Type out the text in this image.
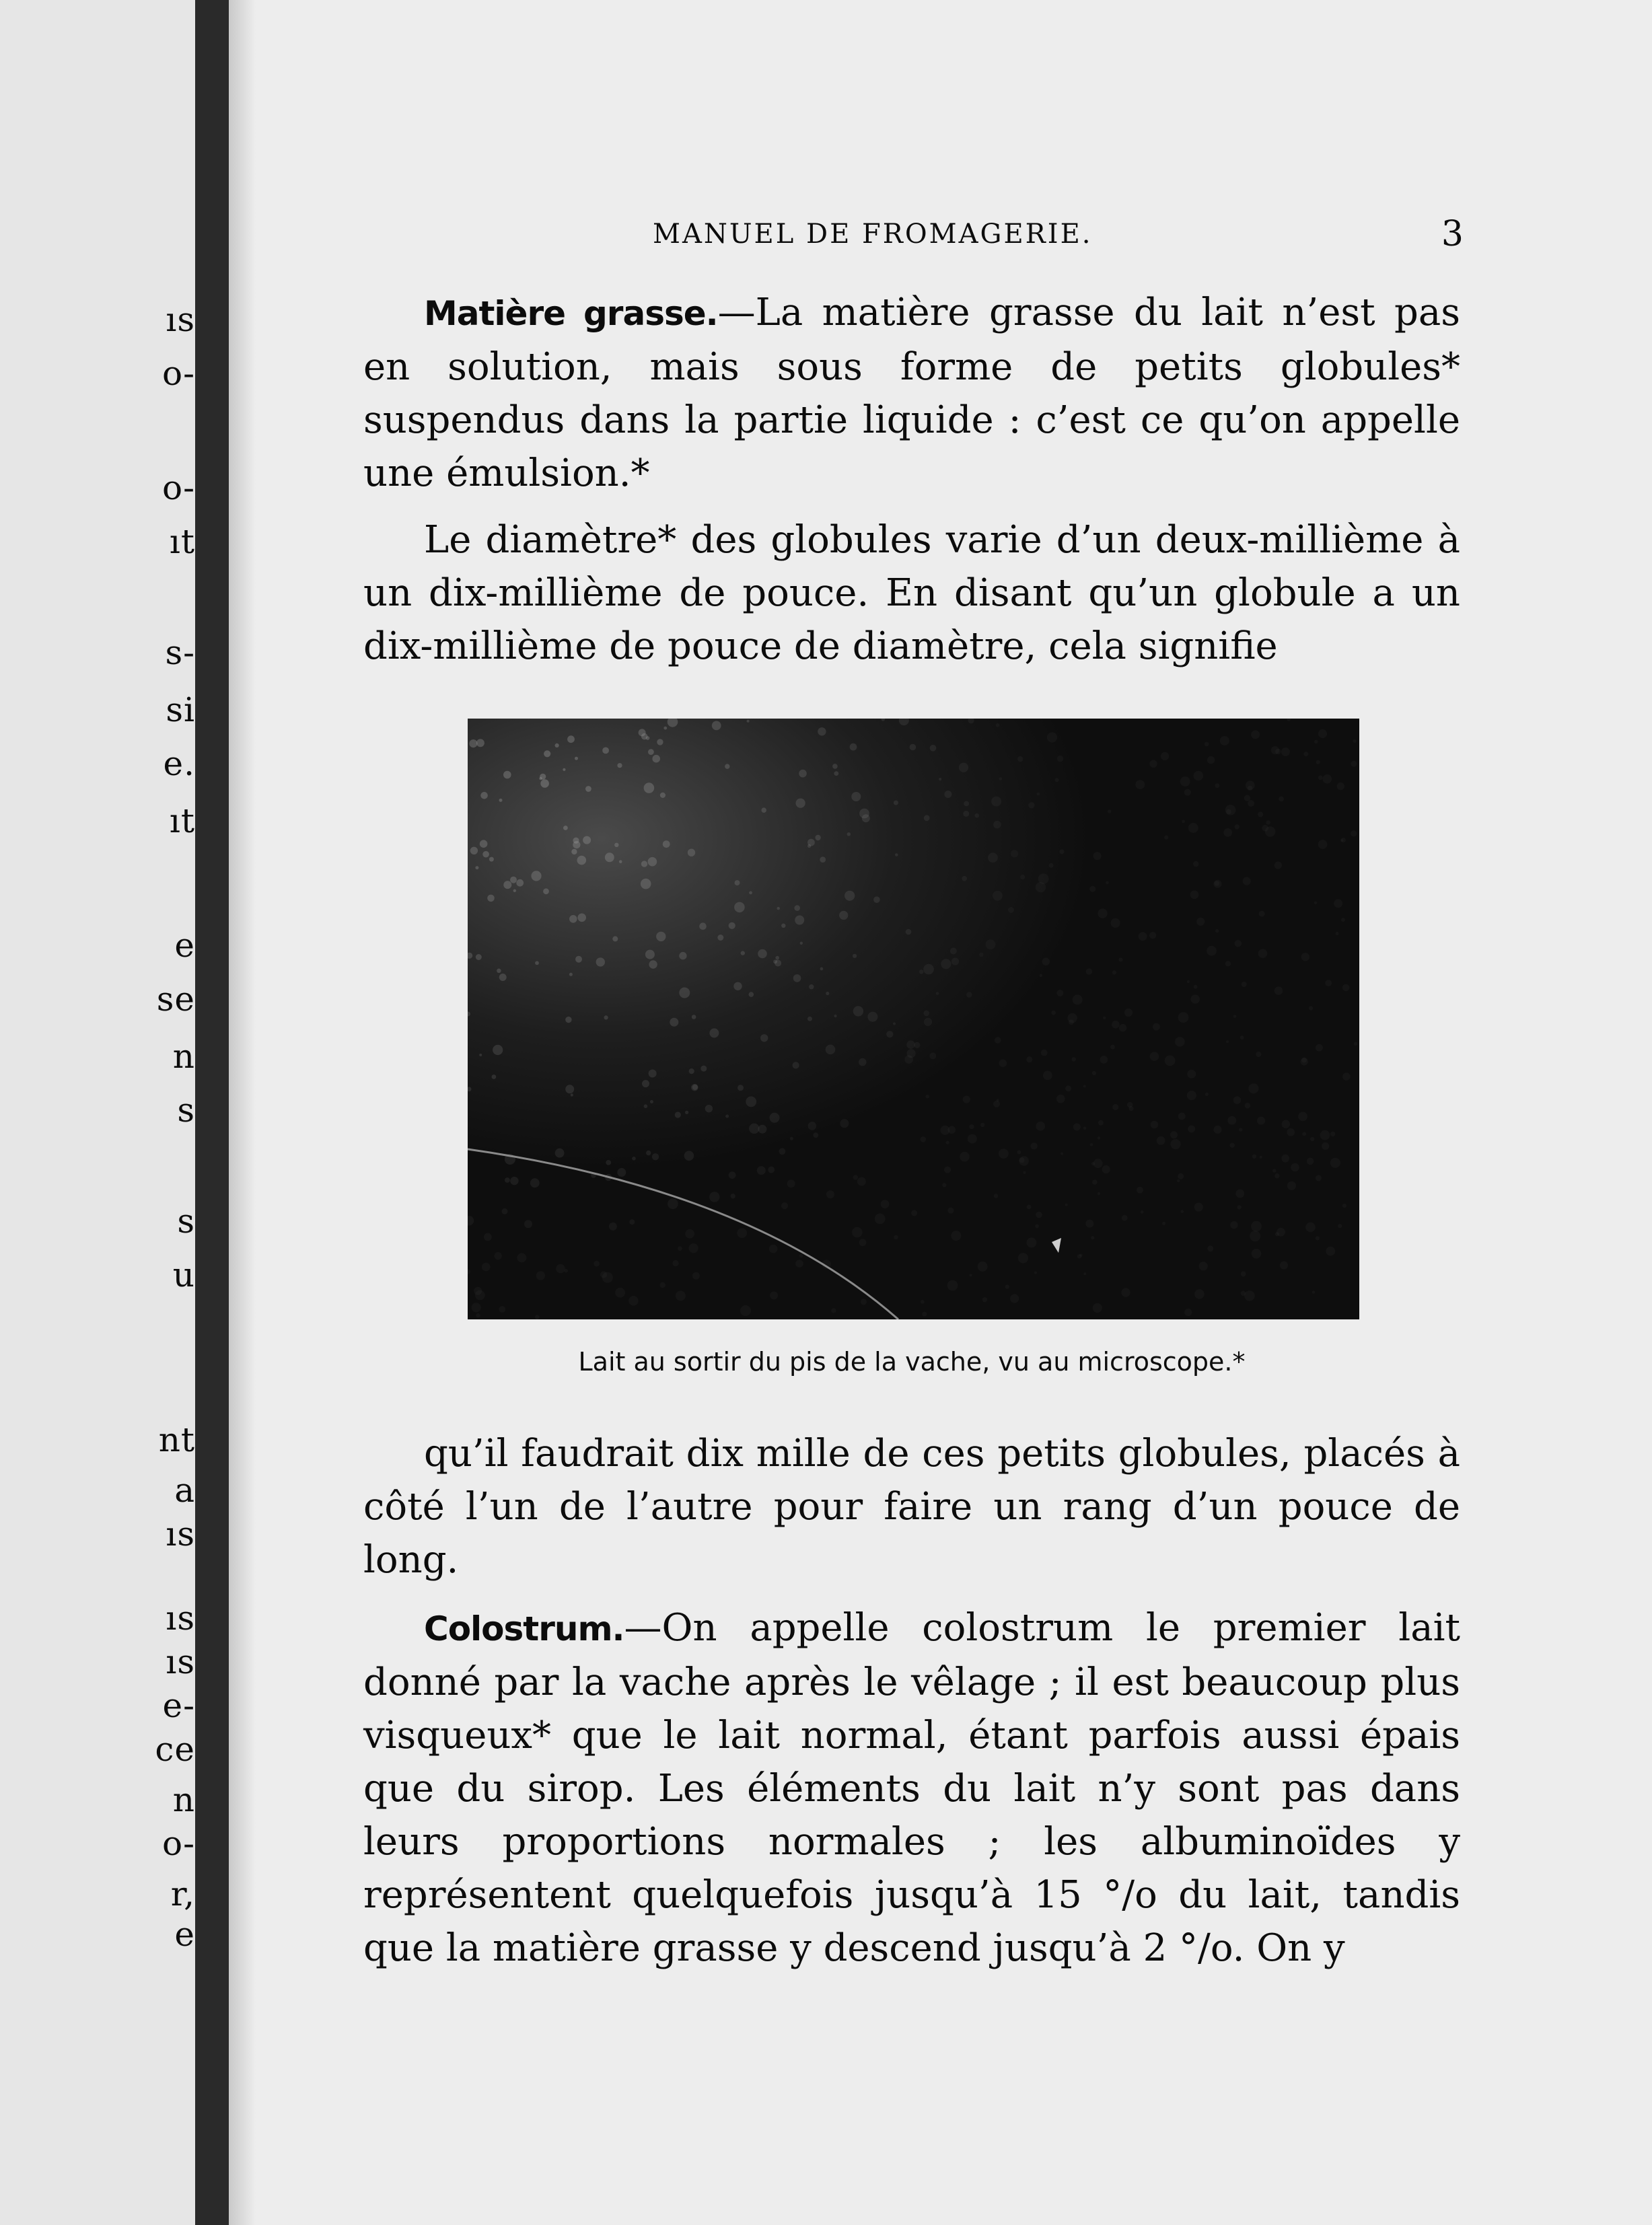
ıs
o-
o-
ıt
s-
si
e.
ıt
e
se
n
s
s
u
nt
a
ıs
ıs
ıs
e-
ce
n
o-
r,
e
MANUEL DE FROMAGERIE.	3

Matière grasse.—La matière grasse du lait n’est pas en solution, mais sous forme de petits globules* suspendus dans la partie liquide : c’est ce qu’on appelle une émulsion.*

Le diamètre* des globules varie d’un deux-millième à un dix-millième de pouce. En disant qu’un globule a un dix-millième de pouce de diamètre, cela signifie

Lait au sortir du pis de la vache, vu au microscope.*

qu’il faudrait dix mille de ces petits globules, placés à côté l’un de l’autre pour faire un rang d’un pouce de long.

Colostrum.—On appelle colostrum le premier lait donné par la vache après le vêlage ; il est beaucoup plus visqueux* que le lait normal, étant parfois aussi épais que du sirop. Les éléments du lait n’y sont pas dans leurs proportions normales ; les albuminoïdes y représentent quelquefois jusqu’à 15 °/o du lait, tandis que la matière grasse y descend jusqu’à 2 °/o. On y
